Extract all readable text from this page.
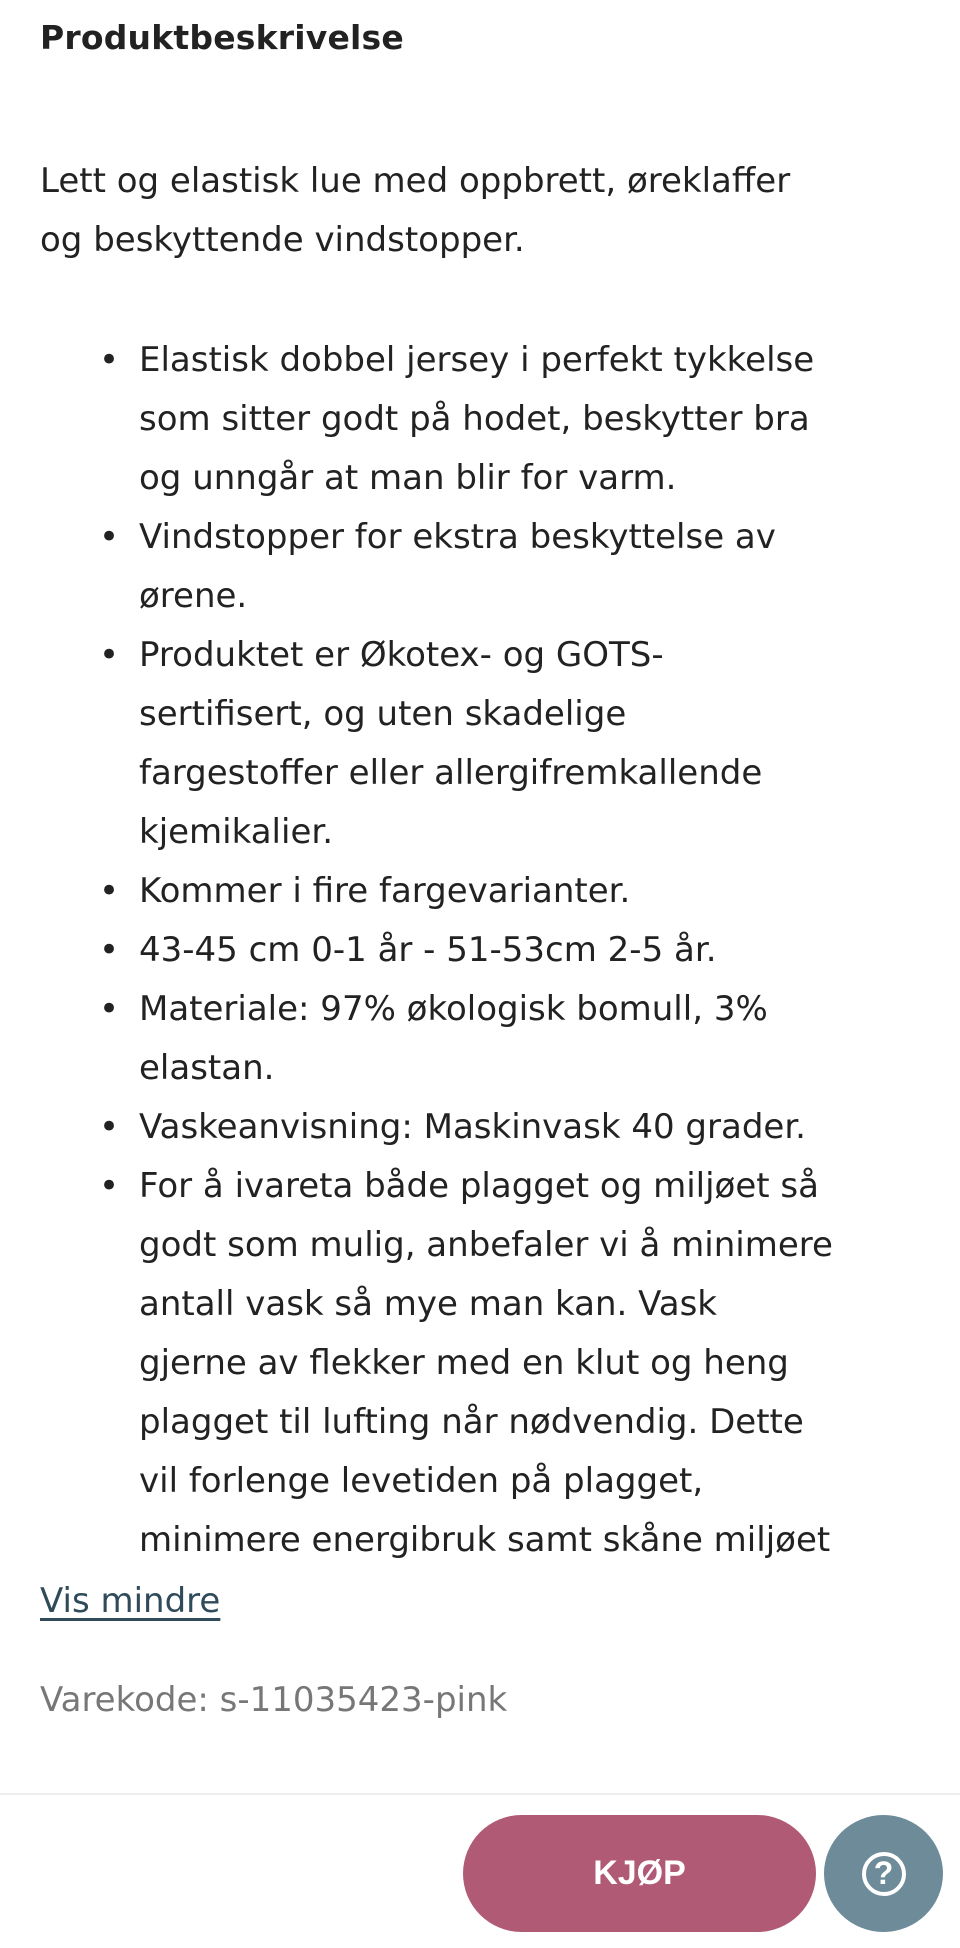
Produktbeskrivelse
Lett og elastisk lue med oppbrett, øreklaffer
og beskyttende vindstopper.
• Elastisk dobbel jersey i perfekt tykkelse
som sitter godt på hodet, beskytter bra
og unngår at man blir for varm.
• Vindstopper for ekstra beskyttelse av
ørene.
• Produktet er Økotex- og GOTS-
sertifisert, og uten skadelige
fargestoffer eller allergifremkallende
kjemikalier.
• Kommer i fire fargevarianter.
• 43-45 cm 0-1 år - 51-53cm 2-5 år.
• Materiale: 97% økologisk bomull, 3%
elastan.
• Vaskeanvisning: Maskinvask 40 grader.
• For å ivareta både plagget og miljøet så
godt som mulig, anbefaler vi å minimere
antall vask så mye man kan. Vask
gjerne av flekker med en klut og heng
plagget til lufting når nødvendig. Dette
vil forlenge levetiden på plagget,
minimere energibruk samt skåne miljøet
Vis mindre
Varekode: s-11035423-pink
KJØP	?
